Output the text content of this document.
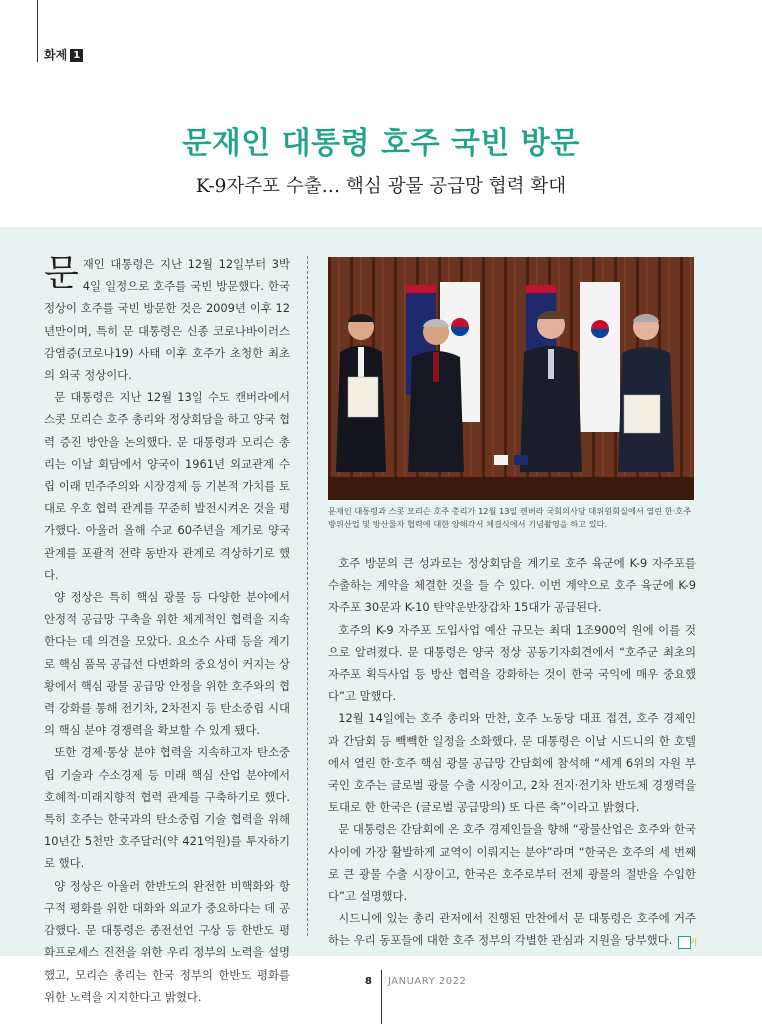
화제 1
문재인 대통령 호주 국빈 방문
K-9자주포 수출… 핵심 광물 공급망 협력 확대

문재인 대통령은 지난 12월 12일부터 3박 4일 일정으로 호주를 국빈 방문했다. 한국 정상이 호주를 국빈 방문한 것은 2009년 이후 12년만이며, 특히 문 대통령은 신종 코로나바이러스 감염증(코로나19) 사태 이후 호주가 초청한 최초의 외국 정상이다.

문 대통령은 지난 12월 13일 수도 캔버라에서 스콧 모리슨 호주 총리와 정상회담을 하고 양국 협력 증진 방안을 논의했다. 문 대통령과 모리슨 총리는 이날 회담에서 양국이 1961년 외교관계 수립 이래 민주주의와 시장경제 등 기본적 가치를 토대로 우호 협력 관계를 꾸준히 발전시켜온 것을 평가했다. 아울러 올해 수교 60주년을 계기로 양국 관계를 포괄적 전략 동반자 관계로 격상하기로 했다.

양 정상은 특히 핵심 광물 등 다양한 분야에서 안정적 공급망 구축을 위한 체계적인 협력을 지속한다는 데 의견을 모았다. 요소수 사태 등을 계기로 핵심 품목 공급선 다변화의 중요성이 커지는 상황에서 핵심 광물 공급망 안정을 위한 호주와의 협력 강화를 통해 전기차, 2차전지 등 탄소중립 시대의 핵심 분야 경쟁력을 확보할 수 있게 됐다.

또한 경제·통상 분야 협력을 지속하고자 탄소중립 기술과 수소경제 등 미래 핵심 산업 분야에서 호혜적·미래지향적 협력 관계를 구축하기로 했다. 특히 호주는 한국과의 탄소중립 기술 협력을 위해 10년간 5천만 호주달러(약 421억원)를 투자하기로 했다.

양 정상은 아울러 한반도의 완전한 비핵화와 항구적 평화를 위한 대화와 외교가 중요하다는 데 공감했다. 문 대통령은 종전선언 구상 등 한반도 평화프로세스 진전을 위한 우리 정부의 노력을 설명했고, 모리슨 총리는 한국 정부의 한반도 평화를 위한 노력을 지지한다고 밝혔다.

문재인 대통령과 스콧 모리슨 호주 총리가 12월 13일 캔버라 국회의사당 대위원회실에서 열린 한·호주 방위산업 및 방산물자 협력에 대한 양해각서 체결식에서 기념촬영을 하고 있다.

호주 방문의 큰 성과로는 정상회담을 계기로 호주 육군에 K-9 자주포를 수출하는 계약을 체결한 것을 들 수 있다. 이번 계약으로 호주 육군에 K-9 자주포 30문과 K-10 탄약운반장갑차 15대가 공급된다.

호주의 K-9 자주포 도입사업 예산 규모는 최대 1조900억 원에 이를 것으로 알려졌다. 문 대통령은 양국 정상 공동기자회견에서 “호주군 최초의 자주포 획득사업 등 방산 협력을 강화하는 것이 한국 국익에 매우 중요했다”고 말했다.

12월 14일에는 호주 총리와 만찬, 호주 노동당 대표 접견, 호주 경제인과 간담회 등 빽빽한 일정을 소화했다. 문 대통령은 이날 시드니의 한 호텔에서 열린 한·호주 핵심 광물 공급망 간담회에 참석해 “세계 6위의 자원 부국인 호주는 글로벌 광물 수출 시장이고, 2차 전지·전기차 반도체 경쟁력을 토대로 한 한국은 (글로벌 공급망의) 또 다른 축”이라고 밝혔다.

문 대통령은 간담회에 온 호주 경제인들을 향해 “광물산업은 호주와 한국 사이에 가장 활발하게 교역이 이뤄지는 분야”라며 “한국은 호주의 세 번째로 큰 광물 수출 시장이고, 한국은 호주로부터 전체 광물의 절반을 수입한다”고 설명했다.

시드니에 있는 총리 관저에서 진행된 만찬에서 문 대통령은 호주에 거주하는 우리 동포들에 대한 호주 정부의 각별한 관심과 지원을 당부했다. 기

8 JANUARY 2022
